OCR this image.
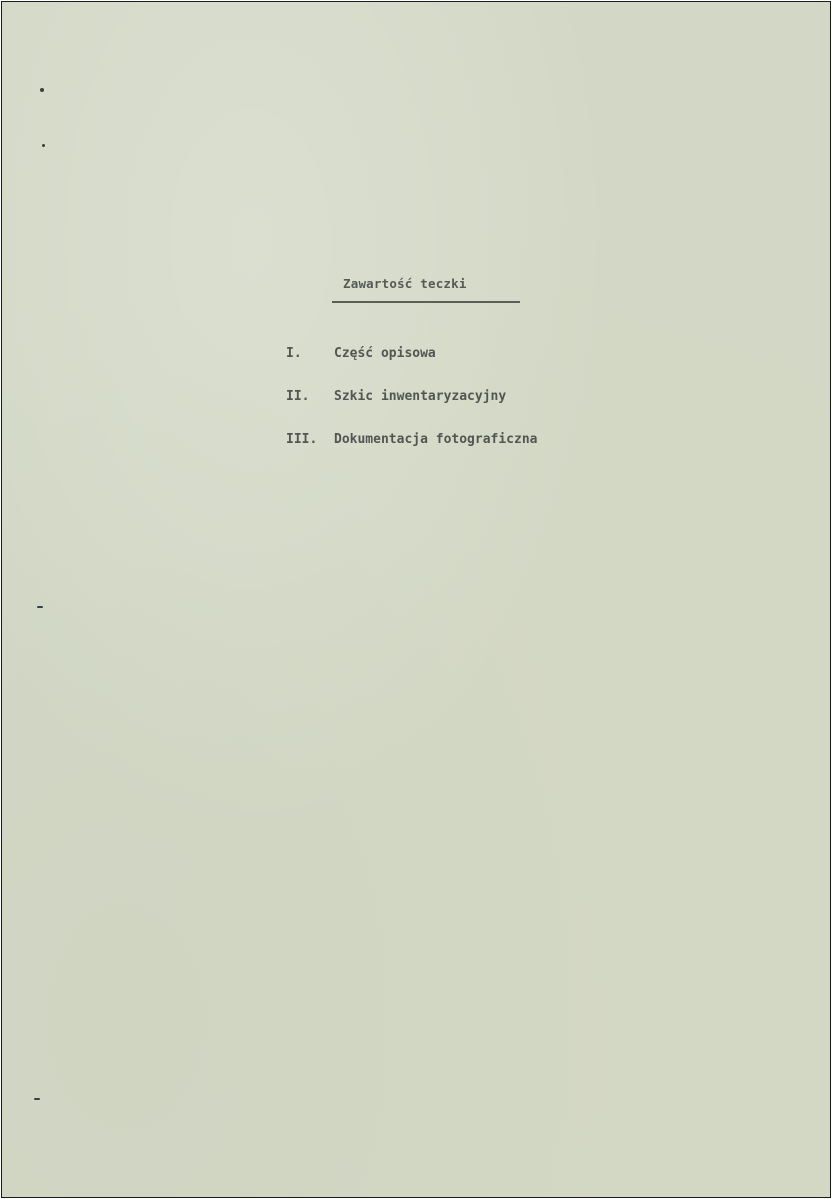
Zawartość teczki
I. Część opisowa
II. Szkic inwentaryzacyjny
III. Dokumentacja fotograficzna
